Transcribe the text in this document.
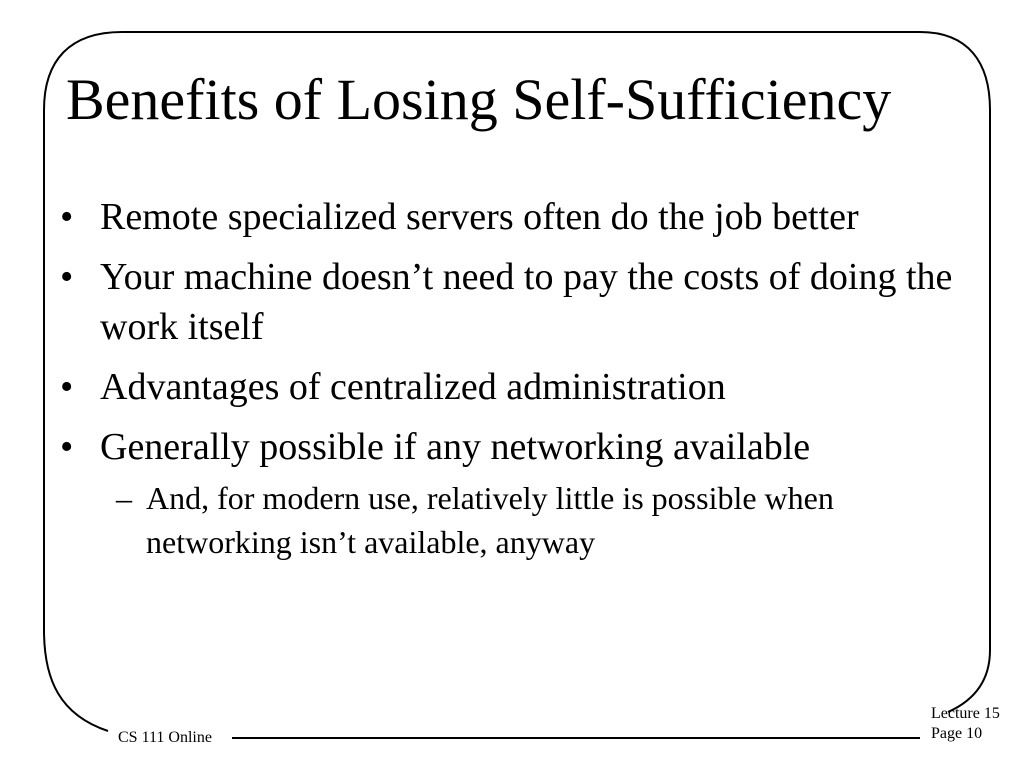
Benefits of Losing Self-Sufficiency
• Remote specialized servers often do the job better
• Your machine doesn’t need to pay the costs of doing the work itself
• Advantages of centralized administration
• Generally possible if any networking available
– And, for modern use, relatively little is possible when networking isn’t available, anyway
CS 111 Online
Lecture 15
Page 10
